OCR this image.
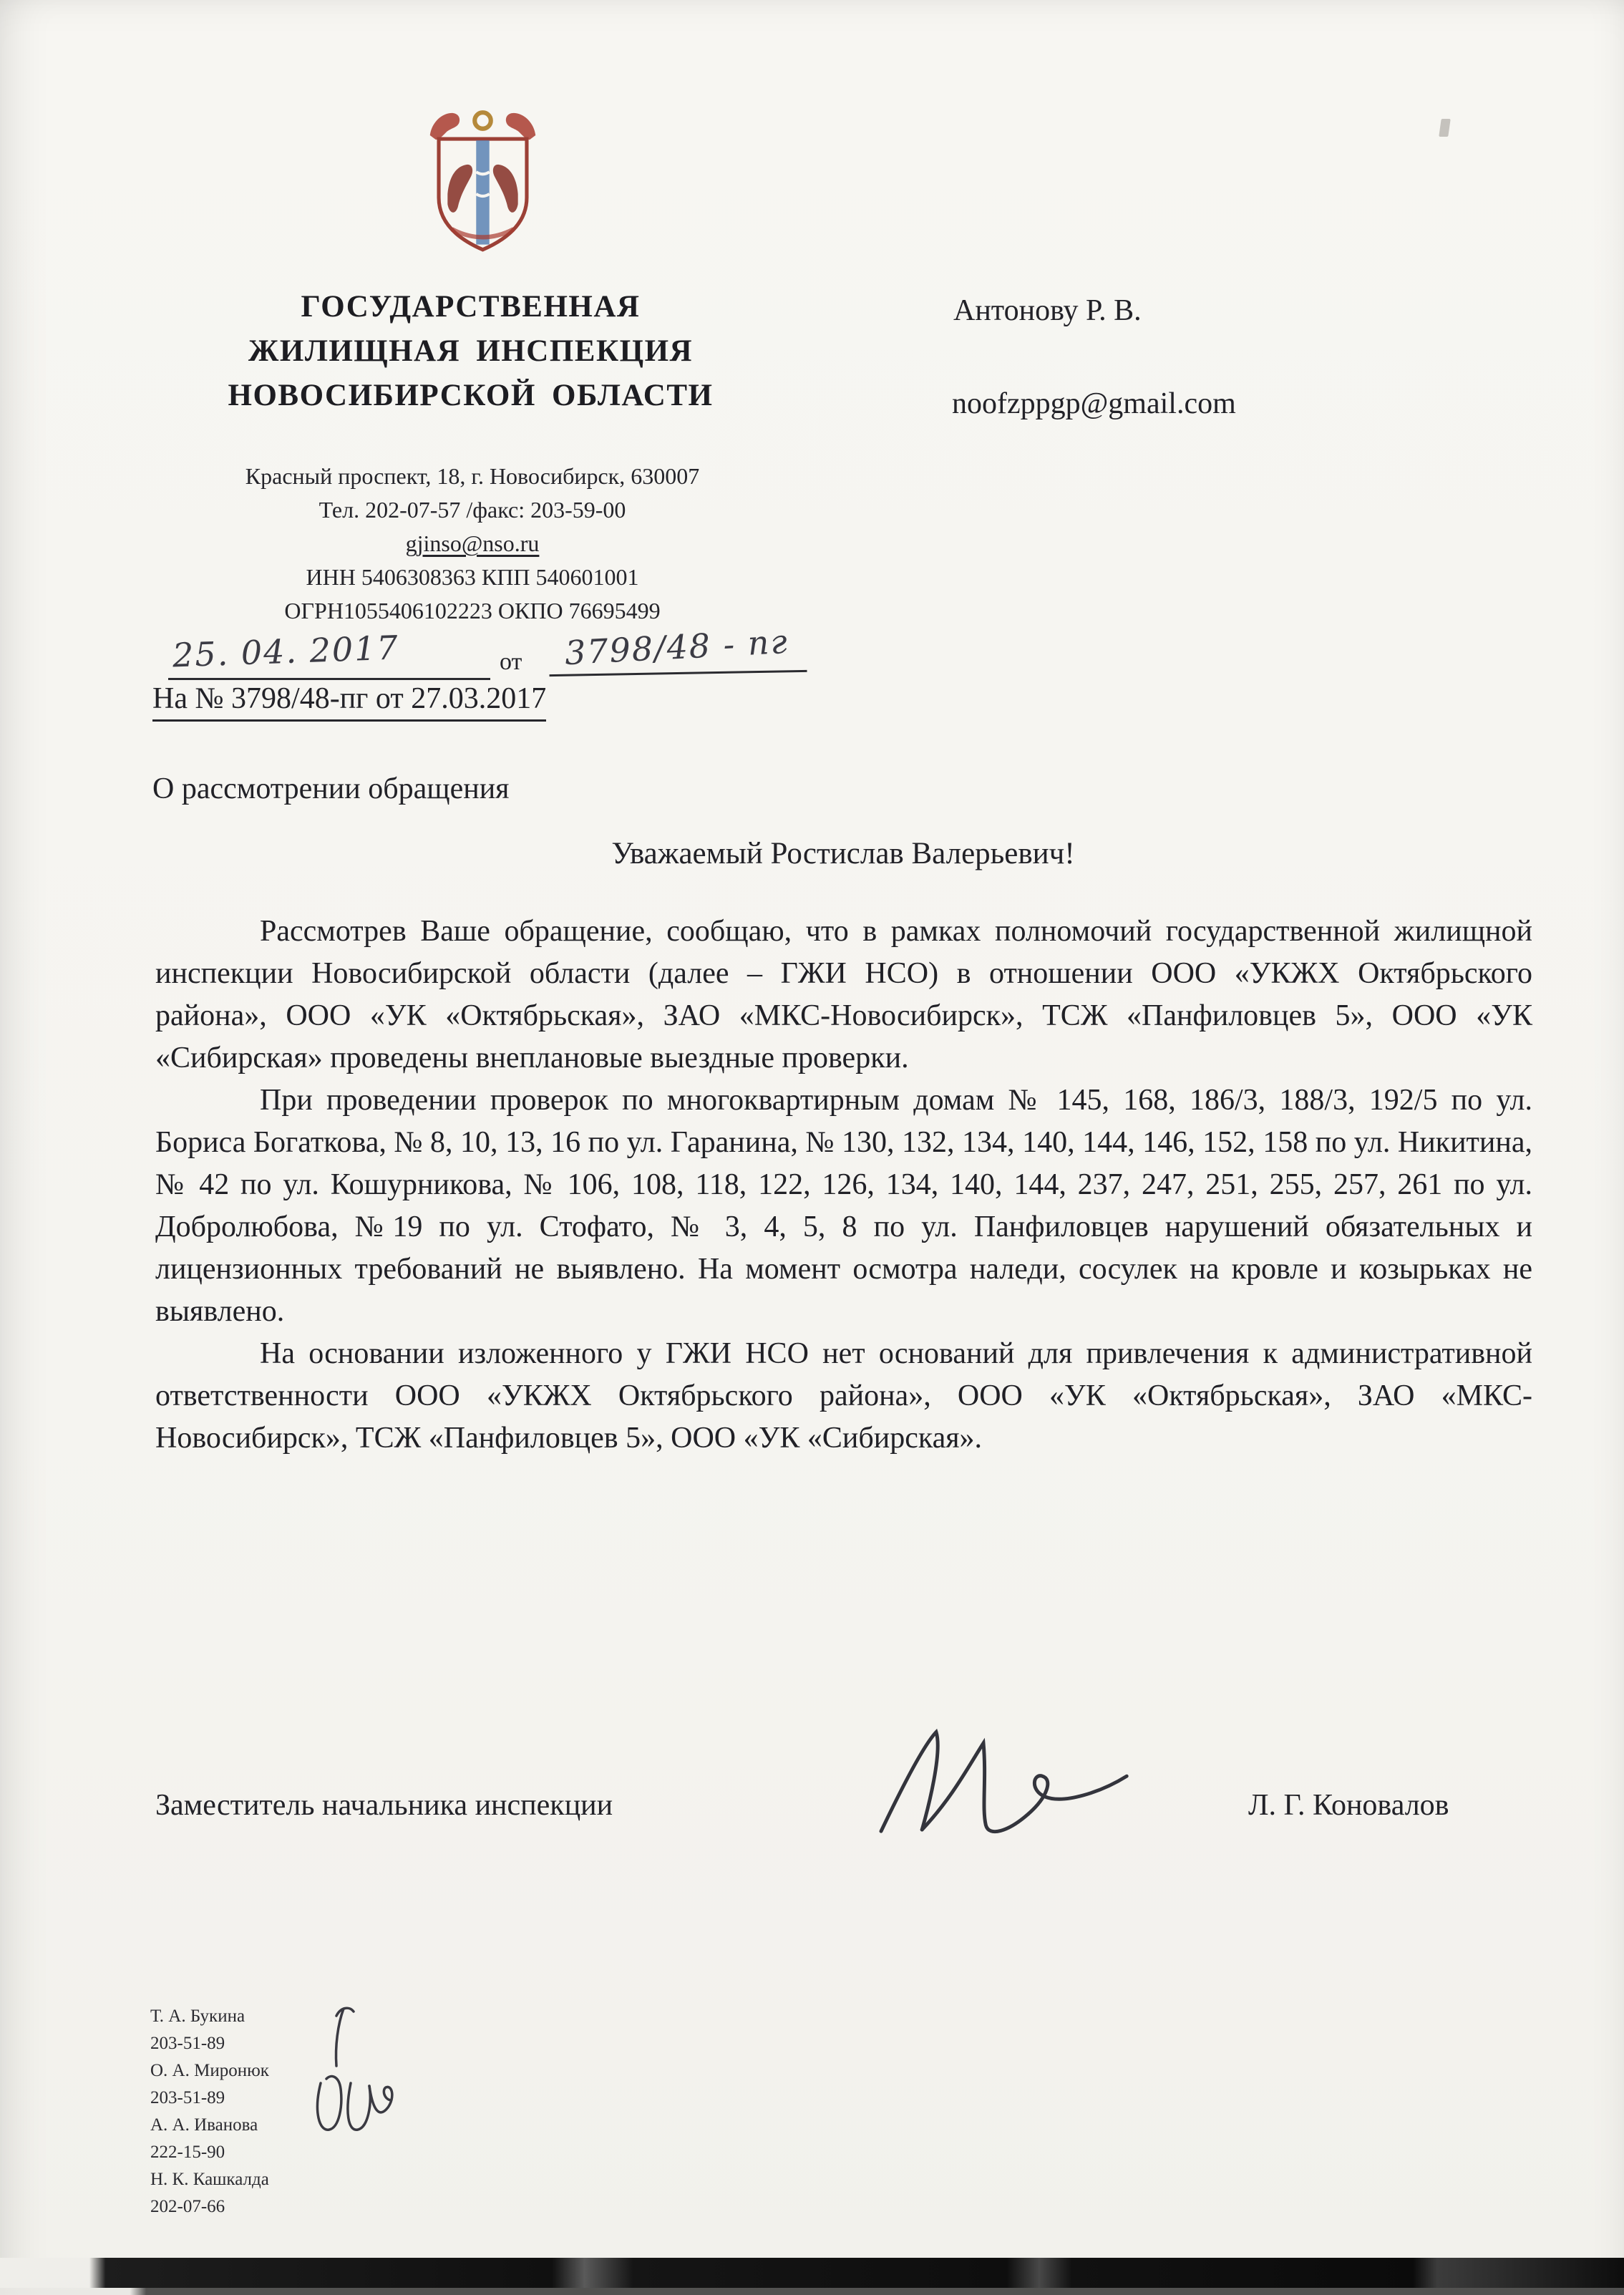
ГОСУДАРСТВЕННАЯ
ЖИЛИЩНАЯ ИНСПЕКЦИЯ
НОВОСИБИРСКОЙ ОБЛАСТИ
Антонову Р. В.
noofzppgp@gmail.com
Красный проспект, 18, г. Новосибирск, 630007
Тел. 202-07-57 /факс: 203-59-00
gjinso@nso.ru
ИНН 5406308363 КПП 540601001
ОГРН1055406102223 ОКПО 76695499
25. 04. 2017	от	3798/48 - пг
На № 3798/48-пг от 27.03.2017
О рассмотрении обращения
Уважаемый Ростислав Валерьевич!

Рассмотрев Ваше обращение, сообщаю, что в рамках полномочий государственной жилищной инспекции Новосибирской области (далее – ГЖИ НСО) в отношении ООО «УКЖХ Октябрьского района», ООО «УК «Октябрьская», ЗАО «МКС-Новосибирск», ТСЖ «Панфиловцев 5», ООО «УК «Сибирская» проведены внеплановые выездные проверки.

При проведении проверок по многоквартирным домам № 145, 168, 186/3, 188/3, 192/5 по ул. Бориса Богаткова, № 8, 10, 13, 16 по ул. Гаранина, № 130, 132, 134, 140, 144, 146, 152, 158 по ул. Никитина, № 42 по ул. Кошурникова, № 106, 108, 118, 122, 126, 134, 140, 144, 237, 247, 251, 255, 257, 261 по ул. Добролюбова, №19 по ул. Стофато, № 3, 4, 5, 8 по ул. Панфиловцев нарушений обязательных и лицензионных требований не выявлено. На момент осмотра наледи, сосулек на кровле и козырьках не выявлено.

На основании изложенного у ГЖИ НСО нет оснований для привлечения к административной ответственности ООО «УКЖХ Октябрьского района», ООО «УК «Октябрьская», ЗАО «МКС-Новосибирск», ТСЖ «Панфиловцев 5», ООО «УК «Сибирская».

Заместитель начальника инспекции	Л. Г. Коновалов
Т. А. Букина
203-51-89
О. А. Миронюк
203-51-89
А. А. Иванова
222-15-90
Н. К. Кашкалда
202-07-66
